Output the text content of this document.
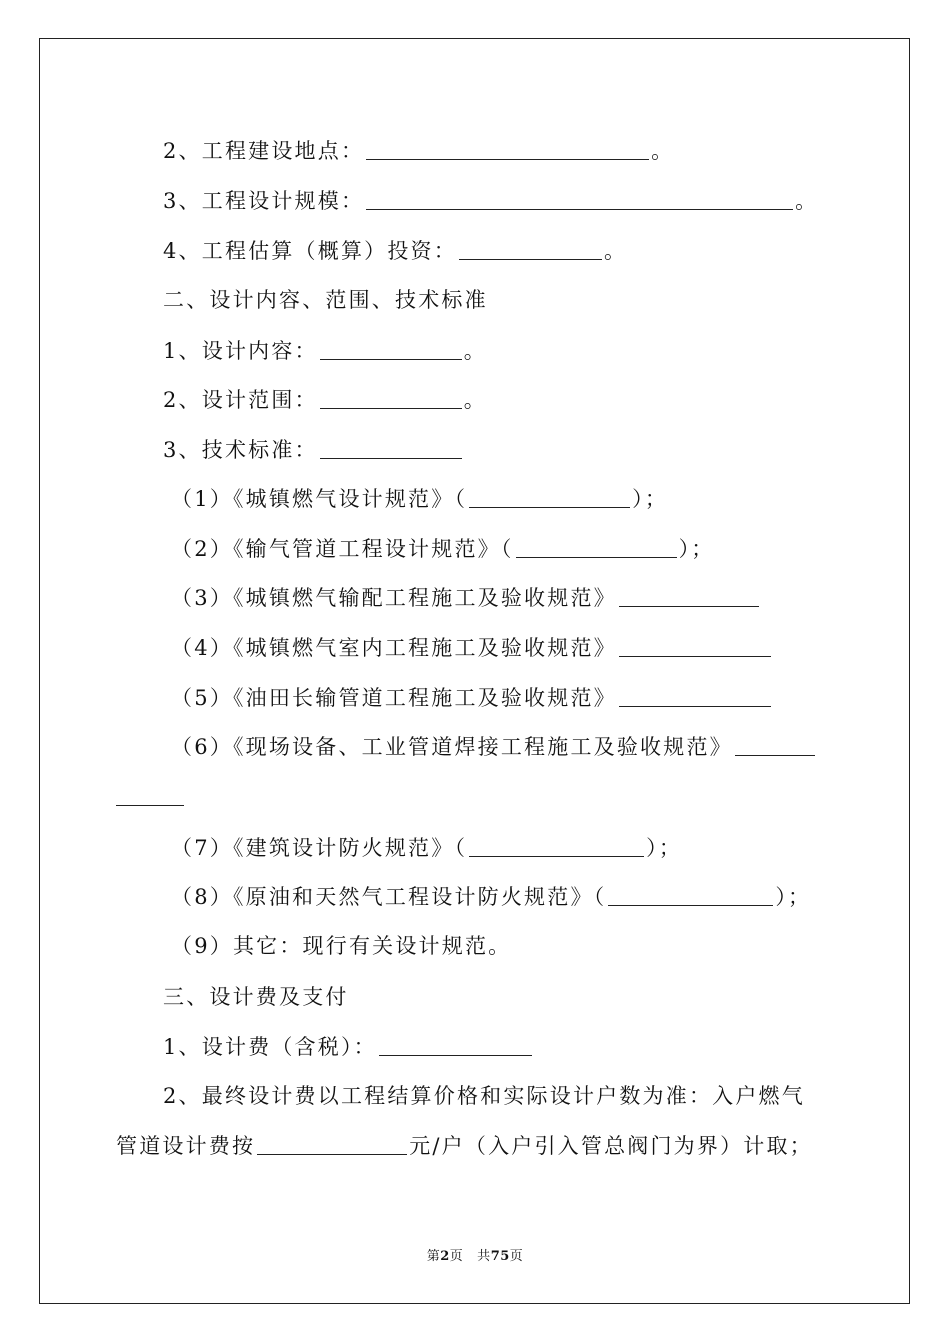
2、工程建设地点：	。
3、工程设计规模：	。
4、工程估算（概算）投资：	。
二、设计内容、范围、技术标准
1、设计内容：	。
2、设计范围：	。
3、技术标准：
（1）《城镇燃气设计规范》（	）；
（2）《输气管道工程设计规范》（	）；
（3）《城镇燃气输配工程施工及验收规范》
（4）《城镇燃气室内工程施工及验收规范》
（5）《油田长输管道工程施工及验收规范》
（6）《现场设备、工业管道焊接工程施工及验收规范》
（7）《建筑设计防火规范》（	）；
（8）《原油和天然气工程设计防火规范》（	）；
（9）其它：现行有关设计规范。
三、设计费及支付
1、设计费（含税）：
2、最终设计费以工程结算价格和实际设计户数为准：入户燃气
管道设计费按	元/户（入户引入管总阀门为界）计取；
第2页 共75页
